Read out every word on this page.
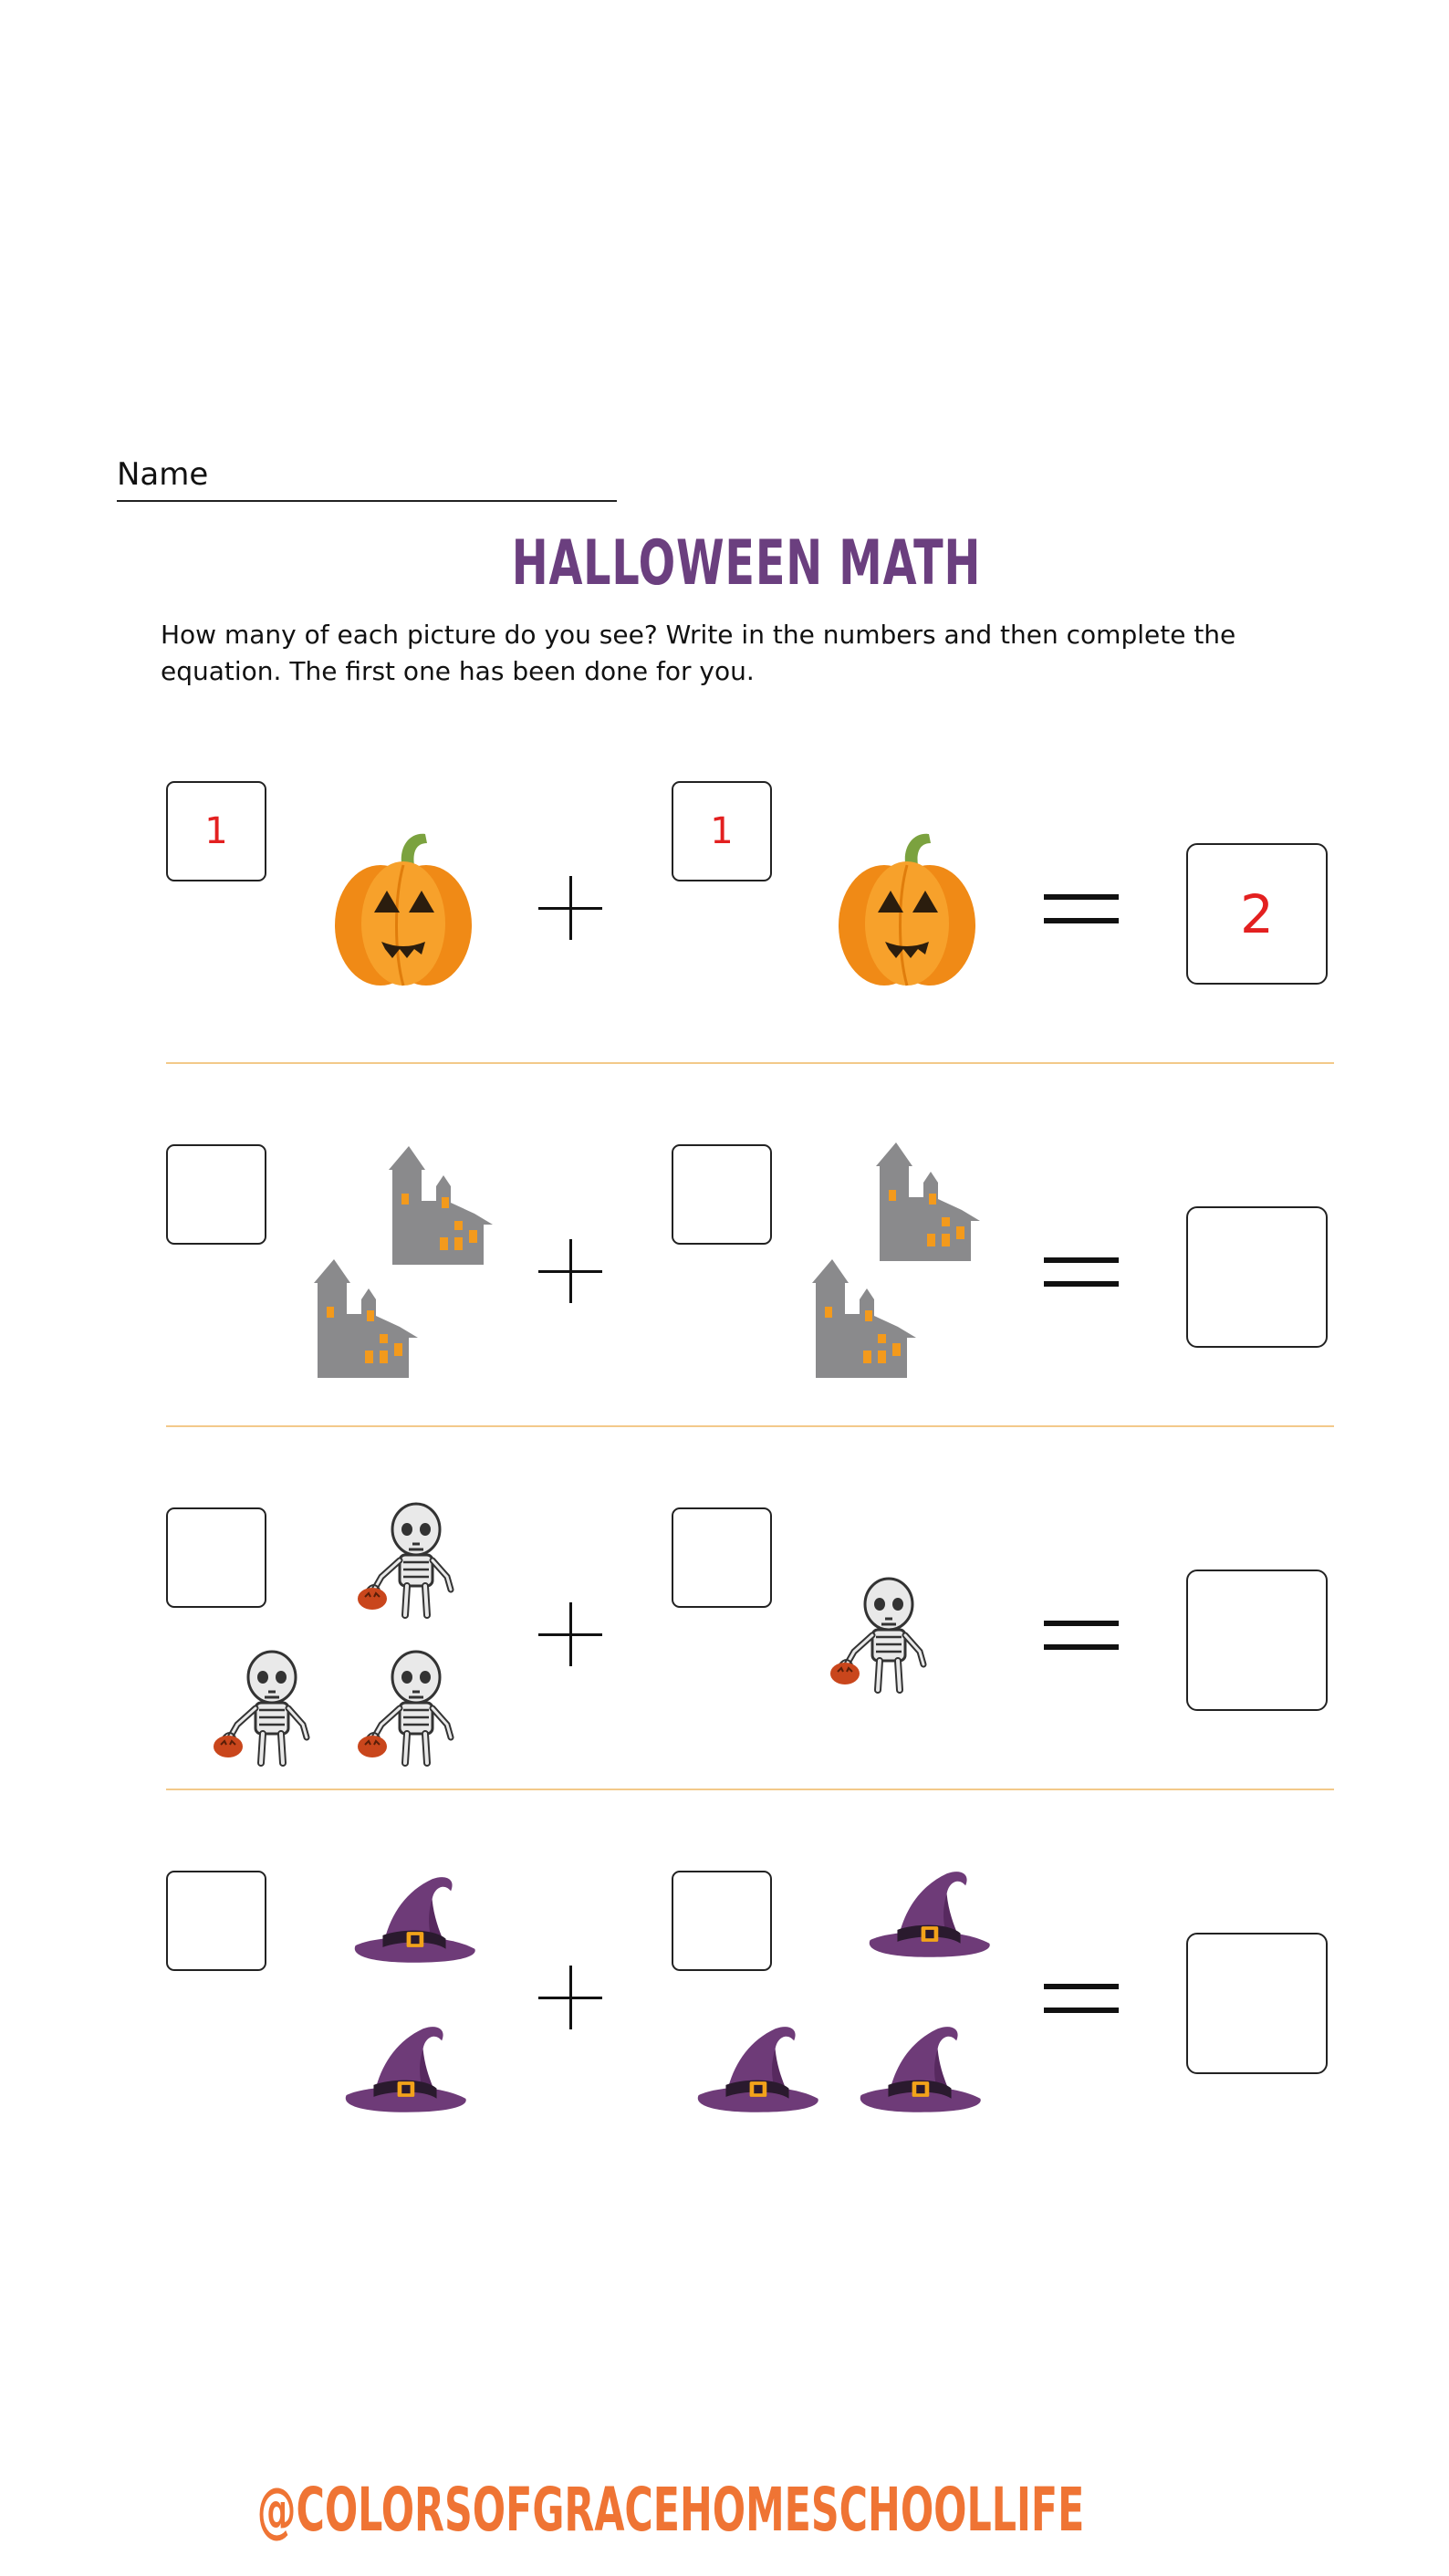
Name
HALLOWEEN MATH
How many of each picture do you see? Write in the numbers and then complete the equation. The first one has been done for you.
1	1
2
@COLORSOFGRACEHOMESCHOOLLIFE
